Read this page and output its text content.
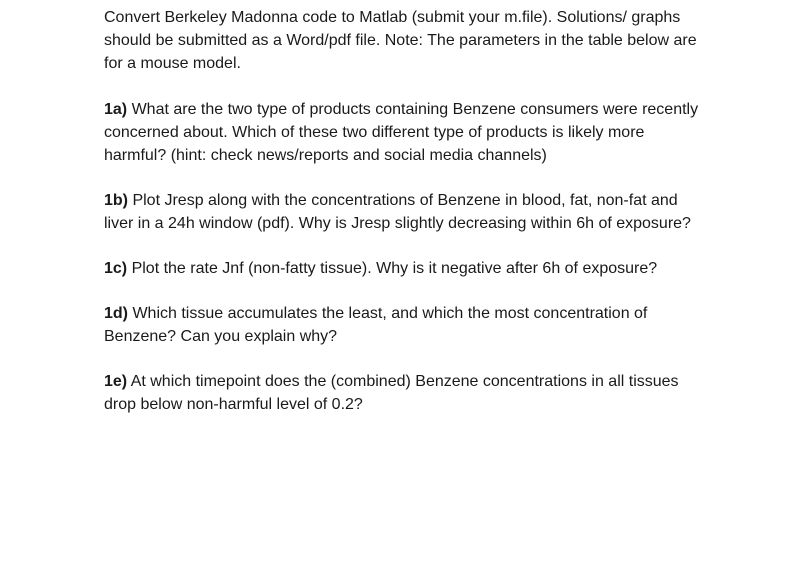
Convert Berkeley Madonna code to Matlab (submit your m.file). Solutions/ graphs should be submitted as a Word/pdf file. Note: The parameters in the table below are for a mouse model.

1a) What are the two type of products containing Benzene consumers were recently concerned about. Which of these two different type of products is likely more harmful? (hint: check news/reports and social media channels)

1b) Plot Jresp along with the concentrations of Benzene in blood, fat, non-fat and liver in a 24h window (pdf). Why is Jresp slightly decreasing within 6h of exposure?

1c) Plot the rate Jnf (non-fatty tissue). Why is it negative after 6h of exposure?

1d) Which tissue accumulates the least, and which the most concentration of Benzene? Can you explain why?

1e) At which timepoint does the (combined) Benzene concentrations in all tissues drop below non-harmful level of 0.2?
